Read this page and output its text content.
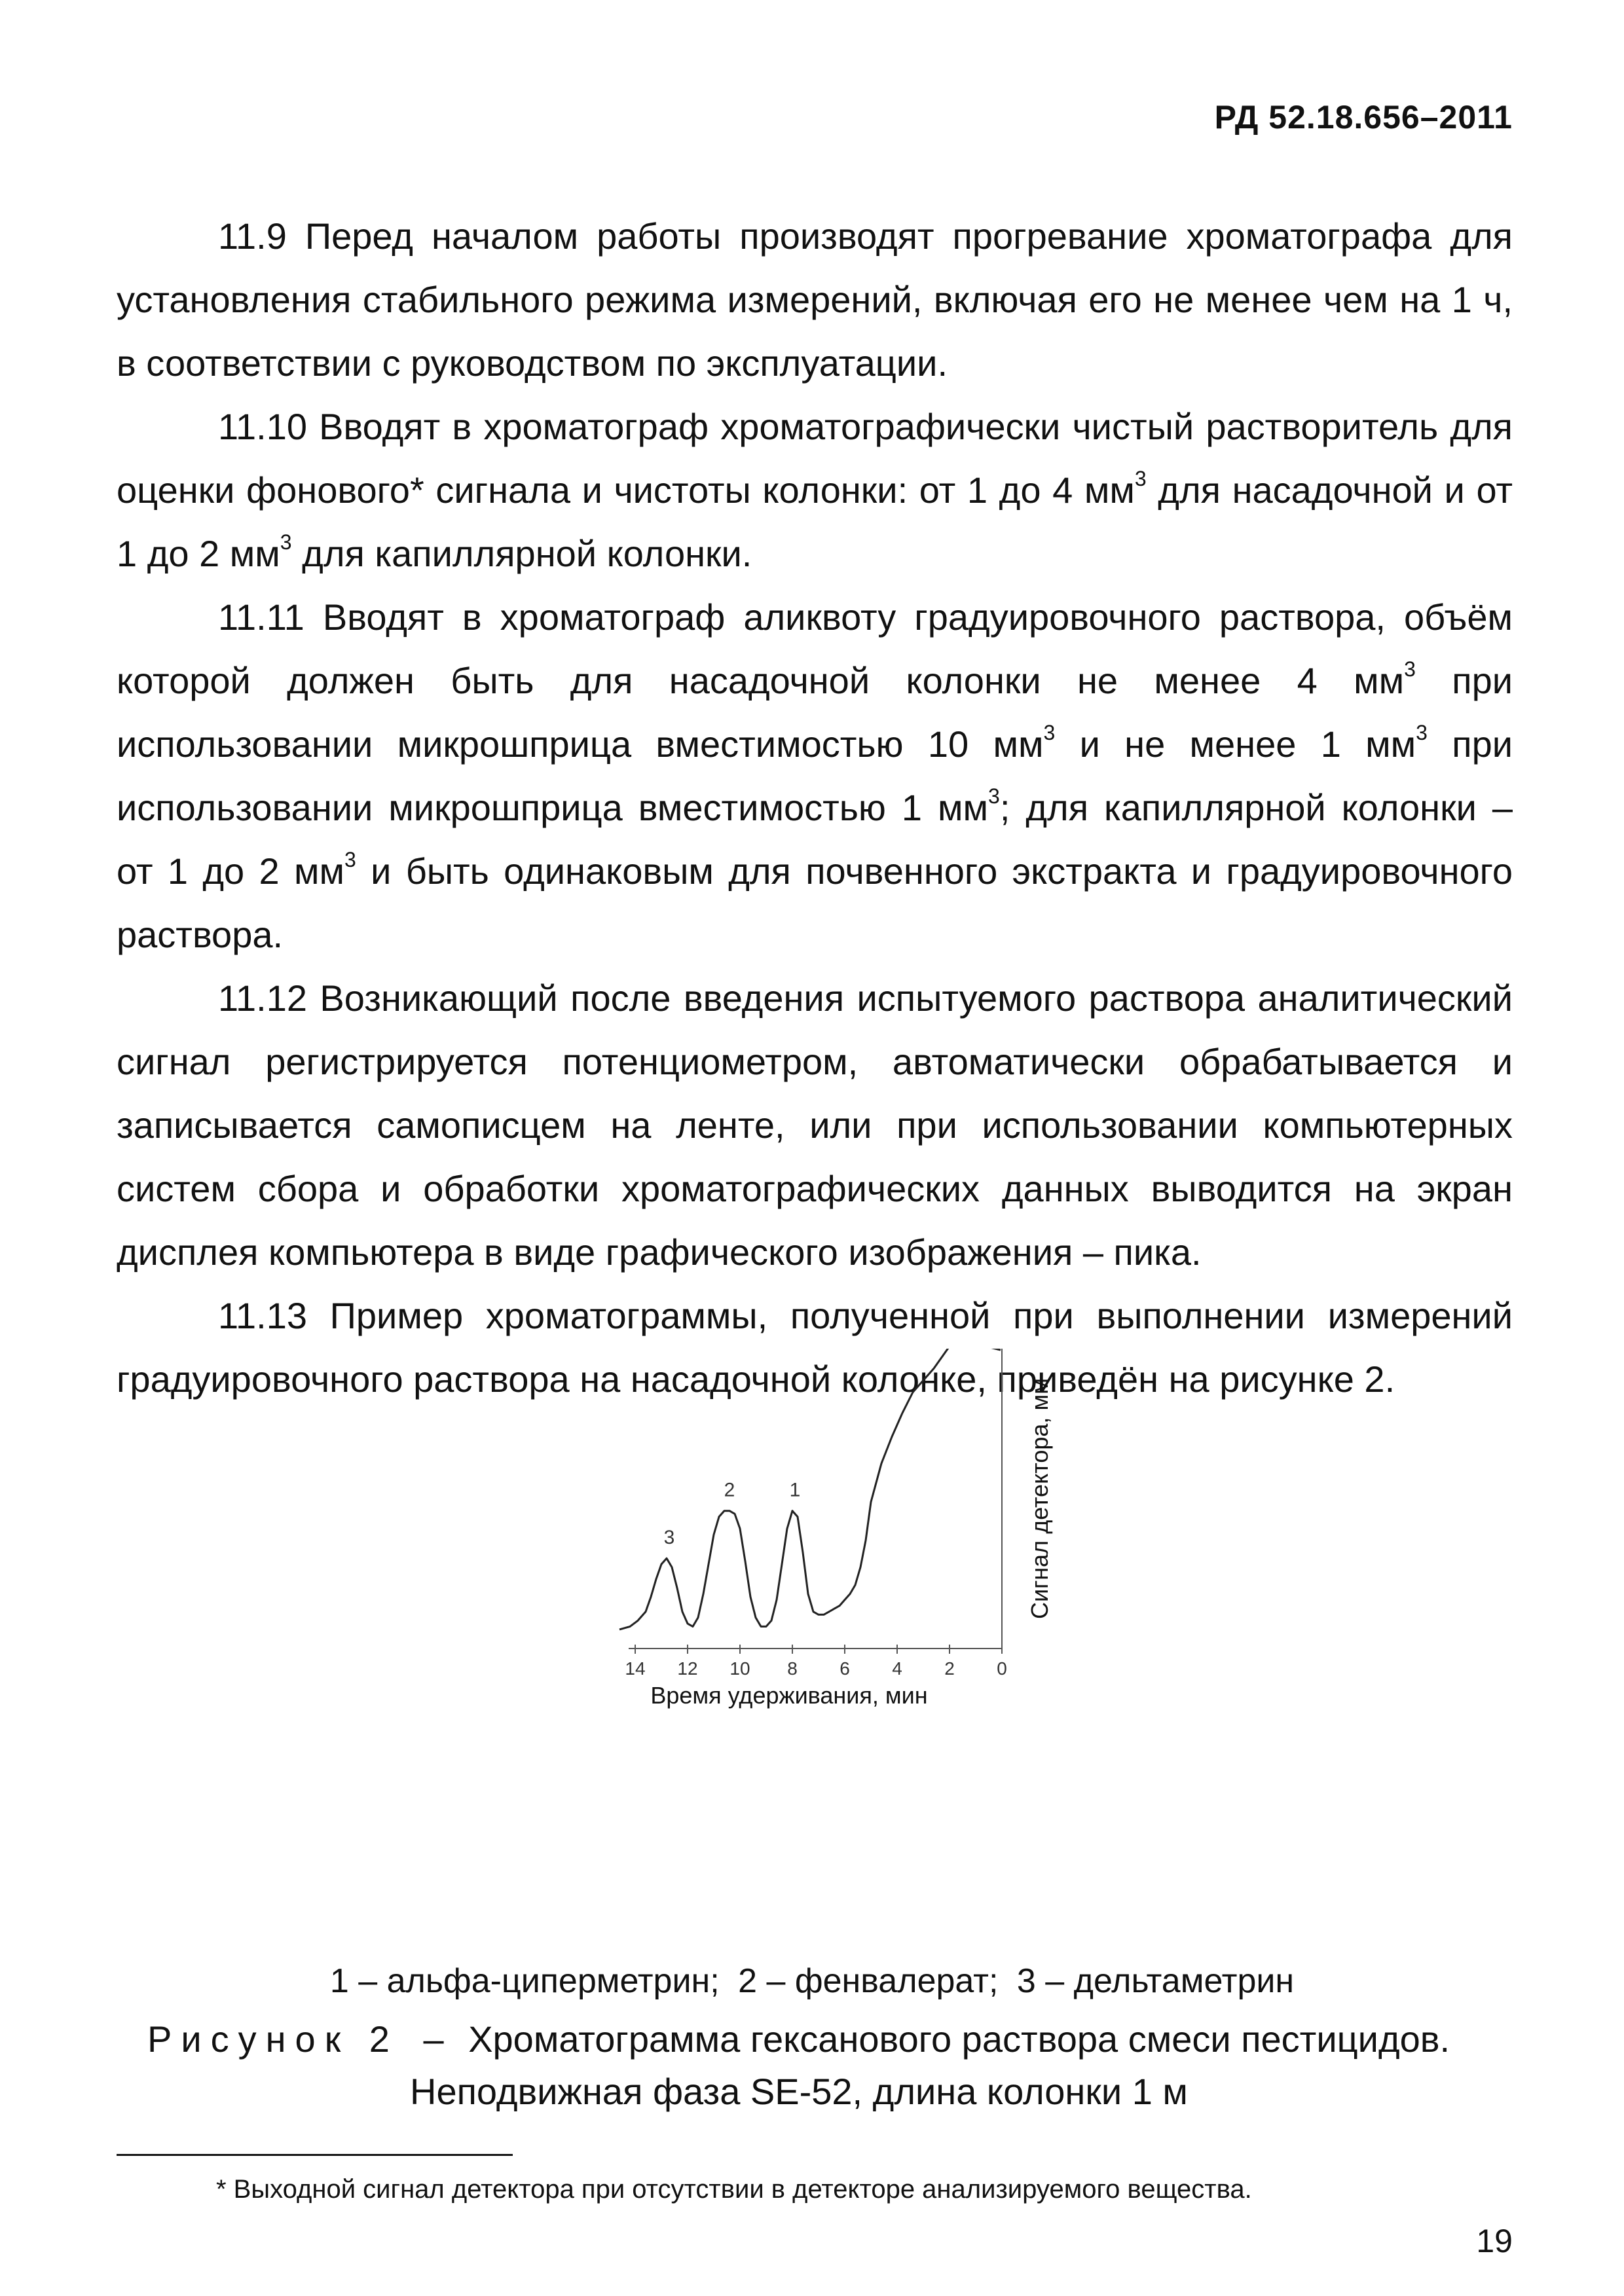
РД 52.18.656–2011

11.9 Перед началом работы производят прогревание хроматографа для установления стабильного режима измерений, включая его не менее чем на 1 ч, в соответствии с руководством по эксплуатации.

11.10 Вводят в хроматограф хроматографически чистый растворитель для оценки фонового* сигнала и чистоты колонки: от 1 до 4 $мм^3$ для насадочной и от 1 до 2 $мм^3$ для капиллярной колонки.

11.11 Вводят в хроматограф аликвоту градуировочного раствора, объём которой должен быть для насадочной колонки не менее 4 $мм^3$ при использовании микрошприца вместимостью 10 $мм^3$ и не менее 1 $мм^3$ при использовании микрошприца вместимостью 1 $мм^3$; для капиллярной колонки – от 1 до 2 $мм^3$ и быть одинаковым для почвенного экстракта и градуировочного раствора.

11.12 Возникающий после введения испытуемого раствора аналитический сигнал регистрируется потенциометром, автоматически обрабатывается и записывается самописцем на ленте, или при использовании компьютерных систем сбора и обработки хроматографических данных выводится на экран дисплея компьютера в виде графического изображения – пика.

11.13 Пример хроматограммы, полученной при выполнении измерений градуировочного раствора на насадочной колонке, приведён на рисунке 2.

14 12 10 8 6 4 2 0
3
2	1
Время удерживания, мин
Сигнал детектора, мм
1 – альфа-циперметрин; 2 – фенвалерат; 3 – дельтаметрин
Рисунок 2 – Хроматограмма гексанового раствора смеси пестицидов.
Неподвижная фаза SE-52, длина колонки 1 м
* Выходной сигнал детектора при отсутствии в детекторе анализируемого вещества.
19
